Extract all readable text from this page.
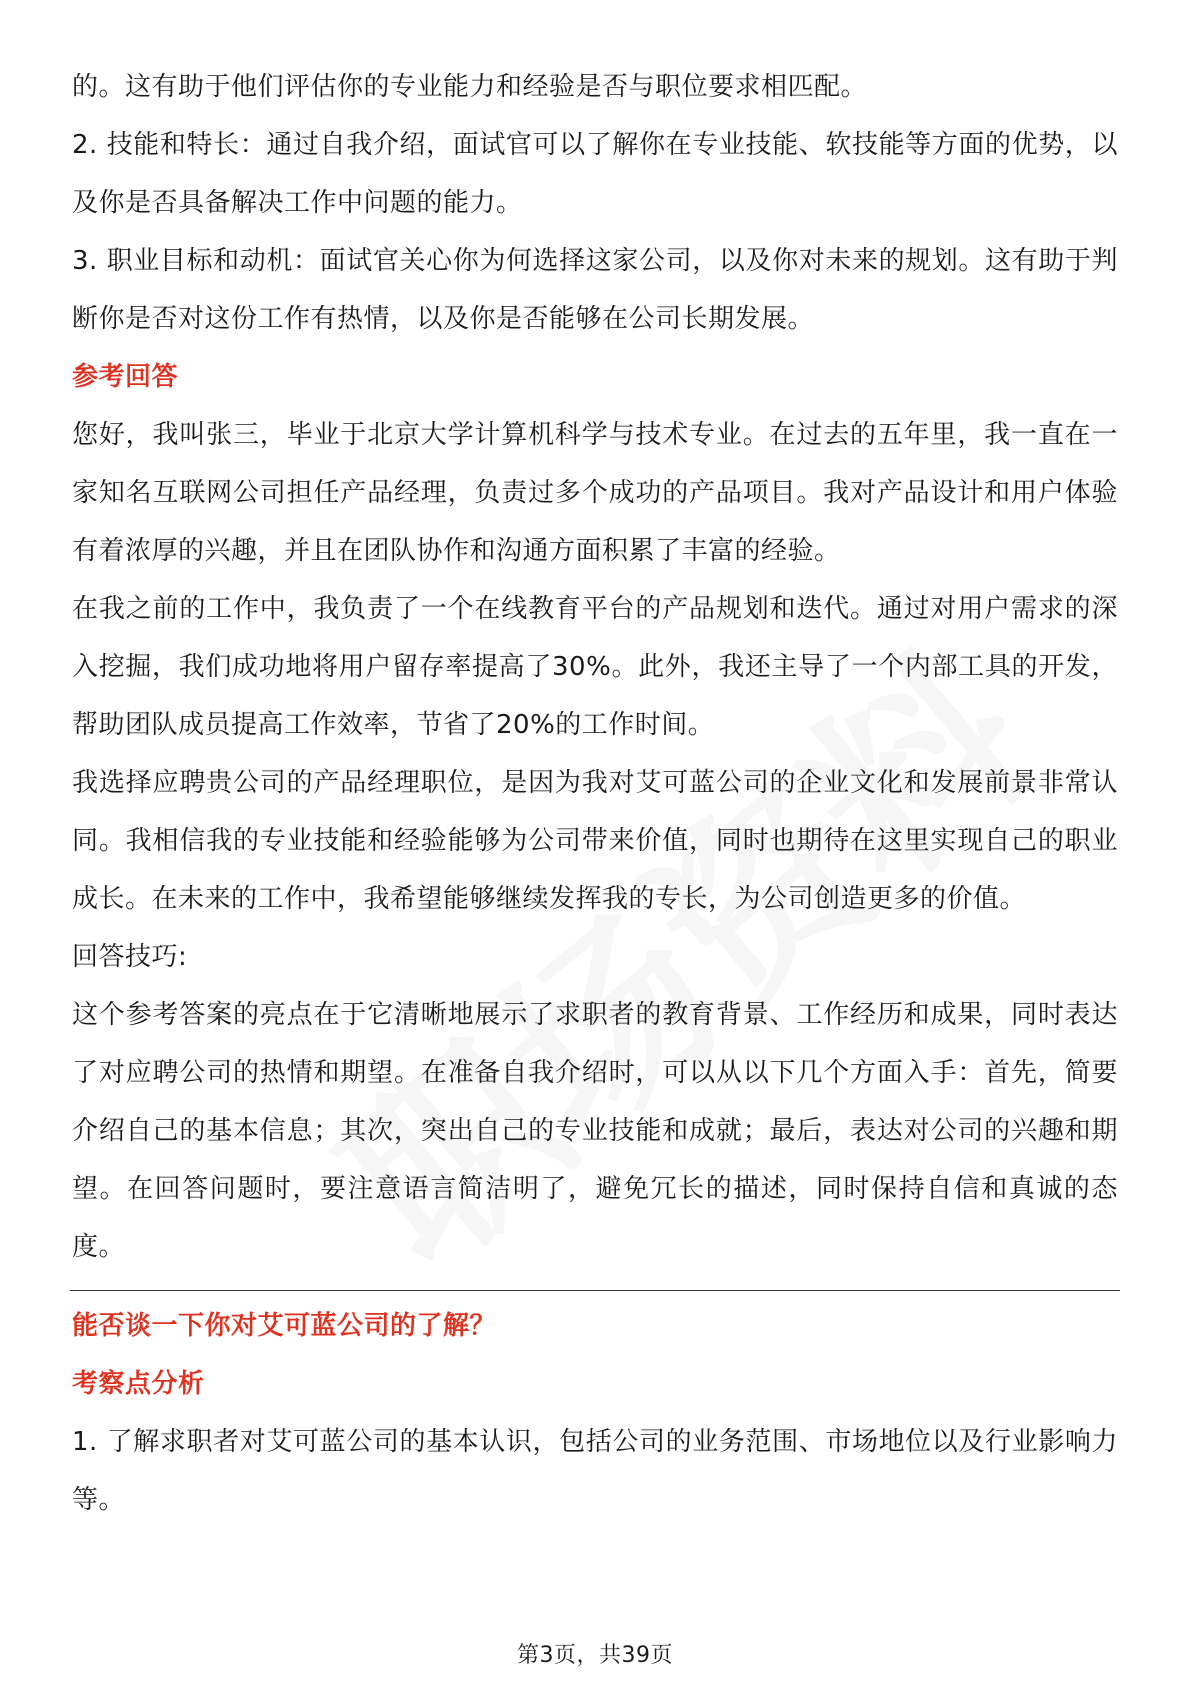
的。这有助于他们评估你的专业能力和经验是否与职位要求相匹配。

2. 技能和特长：通过自我介绍，面试官可以了解你在专业技能、软技能等方面的优势，以及你是否具备解决工作中问题的能力。

3. 职业目标和动机：面试官关心你为何选择这家公司，以及你对未来的规划。这有助于判断你是否对这份工作有热情，以及你是否能够在公司长期发展。

参考回答

您好，我叫张三，毕业于北京大学计算机科学与技术专业。在过去的五年里，我一直在一家知名互联网公司担任产品经理，负责过多个成功的产品项目。我对产品设计和用户体验有着浓厚的兴趣，并且在团队协作和沟通方面积累了丰富的经验。

在我之前的工作中，我负责了一个在线教育平台的产品规划和迭代。通过对用户需求的深入挖掘，我们成功地将用户留存率提高了30%。此外，我还主导了一个内部工具的开发，帮助团队成员提高工作效率，节省了20%的工作时间。

我选择应聘贵公司的产品经理职位，是因为我对艾可蓝公司的企业文化和发展前景非常认同。我相信我的专业技能和经验能够为公司带来价值，同时也期待在这里实现自己的职业成长。在未来的工作中，我希望能够继续发挥我的专长，为公司创造更多的价值。

回答技巧:

这个参考答案的亮点在于它清晰地展示了求职者的教育背景、工作经历和成果，同时表达了对应聘公司的热情和期望。在准备自我介绍时，可以从以下几个方面入手：首先，简要介绍自己的基本信息；其次，突出自己的专业技能和成就；最后，表达对公司的兴趣和期望。在回答问题时，要注意语言简洁明了，避免冗长的描述，同时保持自信和真诚的态度。

能否谈一下你对艾可蓝公司的了解？

考察点分析

1. 了解求职者对艾可蓝公司的基本认识，包括公司的业务范围、市场地位以及行业影响力等。

第3页，共39页
